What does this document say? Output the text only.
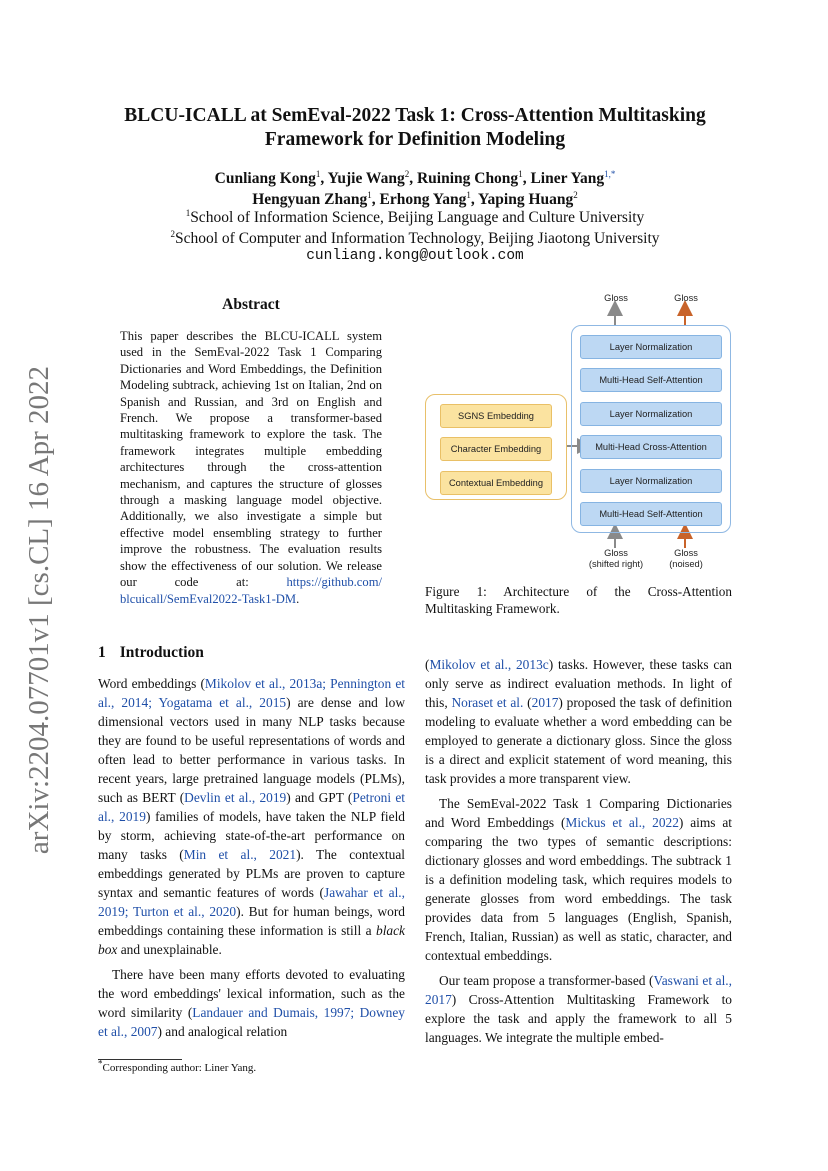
arXiv:2204.07701v1 [cs.CL] 16 Apr 2022
BLCU-ICALL at SemEval-2022 Task 1: Cross-Attention Multitasking
Framework for Definition Modeling
Cunliang Kong$^1$, Yujie Wang$^2$, Ruining Chong$^1$, Liner Yang$^{1,*}$
Hengyuan Zhang$^1$, Erhong Yang$^1$, Yaping Huang$^2$
$^1$School of Information Science, Beijing Language and Culture University
$^2$School of Computer and Information Technology, Beijing Jiaotong University
cunliang.kong@outlook.com
Abstract

This paper describes the BLCU-ICALL system used in the SemEval-2022 Task 1 Comparing Dictionaries and Word Embeddings, the Definition Modeling subtrack, achieving 1st on Italian, 2nd on Spanish and Russian, and 3rd on English and French. We propose a transformer-based multitasking framework to explore the task. The framework integrates multiple embedding architectures through the cross-attention mechanism, and captures the structure of glosses through a masking language model objective. Additionally, we also investigate a simple but effective model ensembling strategy to further improve the robustness. The evaluation results show the effectiveness of our solution. We release our code at: https://github.com/ blcuicall/SemEval2022-Task1-DM.

Gloss	Gloss
Layer Normalization
Multi-Head Self-Attention
Layer Normalization
Multi-Head Cross-Attention
Layer Normalization
Multi-Head Self-Attention
SGNS Embedding
Character Embedding
Contextual Embedding
Gloss
(shifted right)
Gloss
(noised)
Figure 1: Architecture of the Cross-Attention Multitasking Framework.
1 Introduction

Word embeddings (Mikolov et al., 2013a; Pennington et al., 2014; Yogatama et al., 2015) are dense and low dimensional vectors used in many NLP tasks because they are found to be useful representations of words and often lead to better performance in various tasks. In recent years, large pretrained language models (PLMs), such as BERT (Devlin et al., 2019) and GPT (Petroni et al., 2019) families of models, have taken the NLP field by storm, achieving state-of-the-art performance on many tasks (Min et al., 2021). The contextual embeddings generated by PLMs are proven to capture syntax and semantic features of words (Jawahar et al., 2019; Turton et al., 2020). But for human beings, word embeddings containing these information is still a black box and unexplainable.

There have been many efforts devoted to evaluating the word embeddings' lexical information, such as the word similarity (Landauer and Dumais, 1997; Downey et al., 2007) and analogical relation

*Corresponding author: Liner Yang.

(Mikolov et al., 2013c) tasks. However, these tasks can only serve as indirect evaluation methods. In light of this, Noraset et al. (2017) proposed the task of definition modeling to evaluate whether a word embedding can be employed to generate a dictionary gloss. Since the gloss is a direct and explicit statement of word meaning, this task provides a more transparent view.

The SemEval-2022 Task 1 Comparing Dictionaries and Word Embeddings (Mickus et al., 2022) aims at comparing the two types of semantic descriptions: dictionary glosses and word embeddings. The subtrack 1 is a definition modeling task, which requires models to generate glosses from word embeddings. The task provides data from 5 languages (English, Spanish, French, Italian, Russian) as well as static, character, and contextual embeddings.

Our team propose a transformer-based (Vaswani et al., 2017) Cross-Attention Multitasking Framework to explore the task and apply the framework to all 5 languages. We integrate the multiple embed-
